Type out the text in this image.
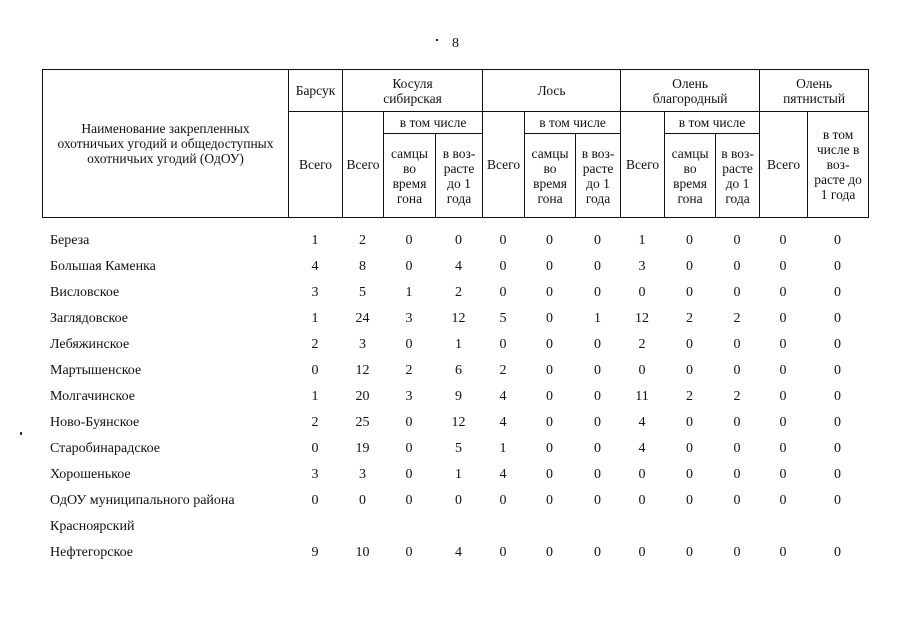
8
Наименование закрепленных охотничьих угодий и общедоступных охотничьих угодий (ОдОУ)	Барсук	Косуля сибирская			Лось			Олень благородный			Олень пятнистый	
	Всего	Всего	в том числе		Всего	в том числе		Всего	в том числе		Всего	в том числе в воз-расте до 1 года
			самцы во время гона	в воз-расте до 1 года		самцы во время гона	в воз-расте до 1 года		самцы во время гона	в воз-расте до 1 года		
Береза	1	2	0	0	0	0	0	1	0	0	0	0
Большая Каменка	4	8	0	4	0	0	0	3	0	0	0	0
Висловское	3	5	1	2	0	0	0	0	0	0	0	0
Заглядовское	1	24	3	12	5	0	1	12	2	2	0	0
Лебяжинское	2	3	0	1	0	0	0	2	0	0	0	0
Мартышенское	0	12	2	6	2	0	0	0	0	0	0	0
Молгачинское	1	20	3	9	4	0	0	11	2	2	0	0
Ново-Буянское	2	25	0	12	4	0	0	4	0	0	0	0
Старобинарадское	0	19	0	5	1	0	0	4	0	0	0	0
Хорошенькое	3	3	0	1	4	0	0	0	0	0	0	0
ОдОУ муниципального района	0	0	0	0	0	0	0	0	0	0	0	0
Красноярский												
Нефтегорское	9	10	0	4	0	0	0	0	0	0	0	0
